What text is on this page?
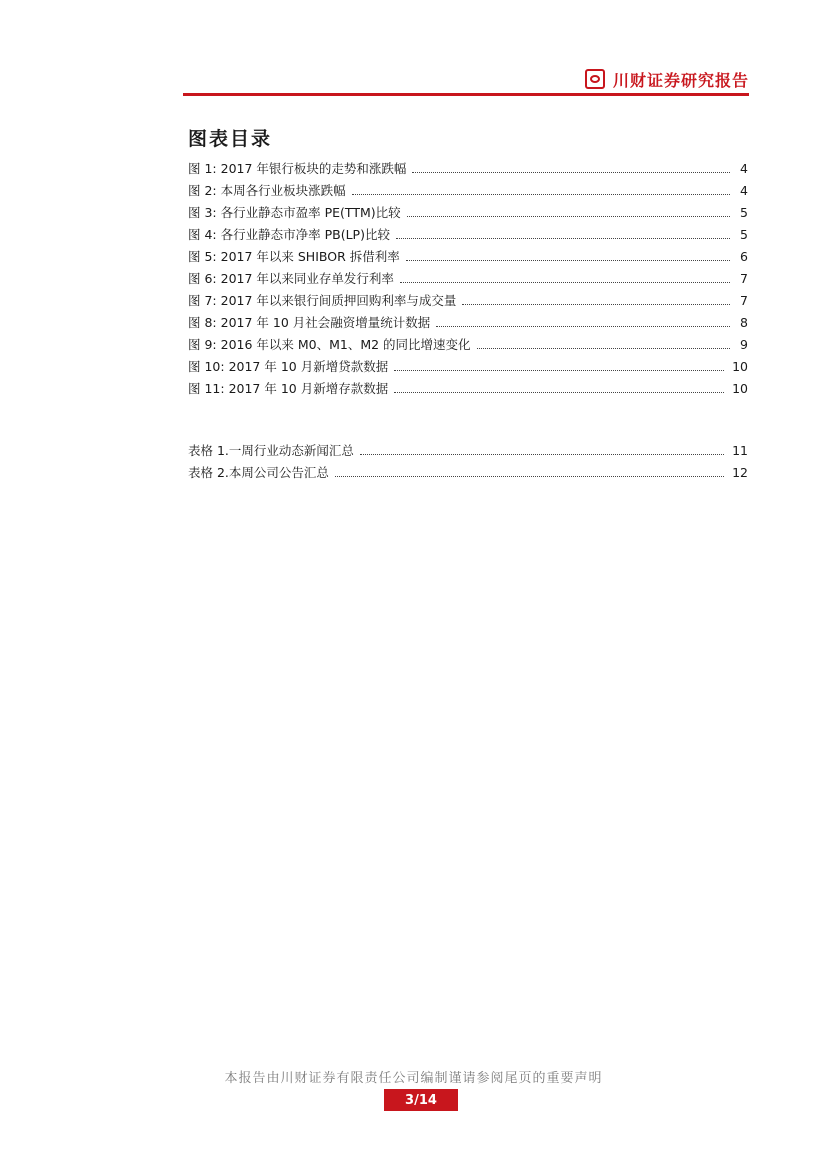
川财证券研究报告
图表目录
图 1: 2017 年银行板块的走势和涨跌幅	4
图 2: 本周各行业板块涨跌幅	4
图 3: 各行业静态市盈率 PE(TTM)比较	5
图 4: 各行业静态市净率 PB(LP)比较	5
图 5: 2017 年以来 SHIBOR 拆借利率	6
图 6: 2017 年以来同业存单发行利率	7
图 7: 2017 年以来银行间质押回购利率与成交量	7
图 8: 2017 年 10 月社会融资增量统计数据	8
图 9: 2016 年以来 M0、M1、M2 的同比增速变化	9
图 10: 2017 年 10 月新增贷款数据	10
图 11: 2017 年 10 月新增存款数据	10
表格 1.一周行业动态新闻汇总	11
表格 2.本周公司公告汇总	12
本报告由川财证券有限责任公司编制谨请参阅尾页的重要声明
3/14
